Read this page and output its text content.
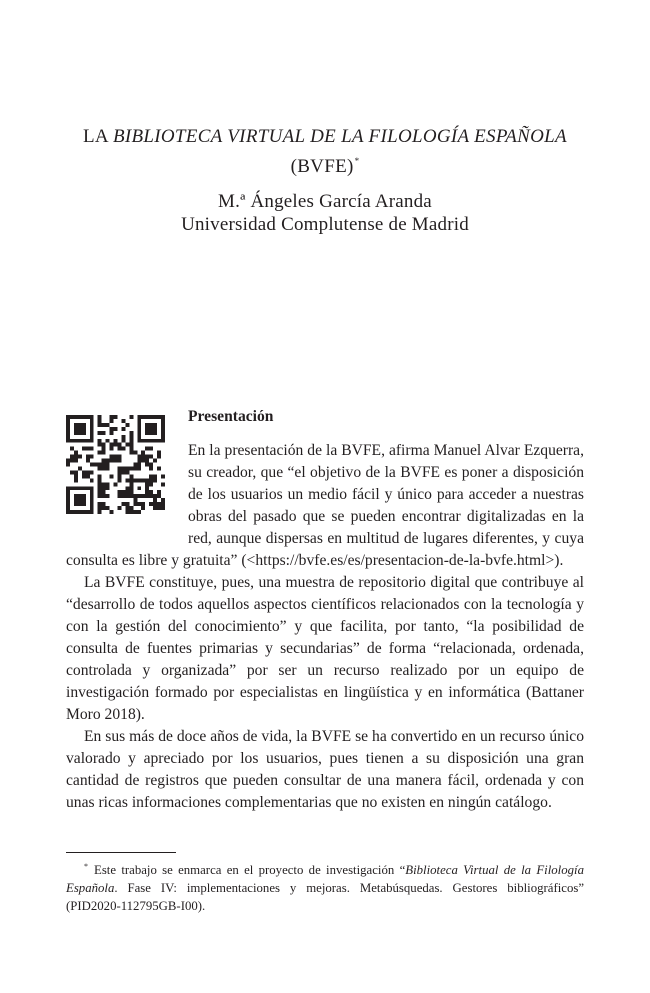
LA BIBLIOTECA VIRTUAL DE LA FILOLOGÍA ESPAÑOLA
(BVFE)*
M.ª Ángeles García Aranda
Universidad Complutense de Madrid
Presentación

En la presentación de la BVFE, afirma Manuel Alvar Ezquerra, su creador, que “el objetivo de la BVFE es poner a disposición de los usuarios un medio fácil y único para acceder a nuestras obras del pasado que se pueden encontrar digitalizadas en la red, aunque dispersas en multitud de lugares diferentes, y cuya consulta es libre y gratuita” (<https://bvfe.es/es/presentacion-de-la-bvfe.html>).

La BVFE constituye, pues, una muestra de repositorio digital que contribuye al “desarrollo de todos aquellos aspectos científicos relacionados con la tecnología y con la gestión del conocimiento” y que facilita, por tanto, “la posibilidad de consulta de fuentes primarias y secundarias” de forma “relacionada, ordenada, controlada y organizada” por ser un recurso realizado por un equipo de investigación formado por especialistas en lingüística y en informática (Battaner Moro 2018).

En sus más de doce años de vida, la BVFE se ha convertido en un recurso único valorado y apreciado por los usuarios, pues tienen a su disposición una gran cantidad de registros que pueden consultar de una manera fácil, ordenada y con unas ricas informaciones complementarias que no existen en ningún catálogo.

* Este trabajo se enmarca en el proyecto de investigación “Biblioteca Virtual de la Filología Española. Fase IV: implementaciones y mejoras. Metabúsquedas. Gestores bibliográficos” (PID2020-112795GB-I00).
